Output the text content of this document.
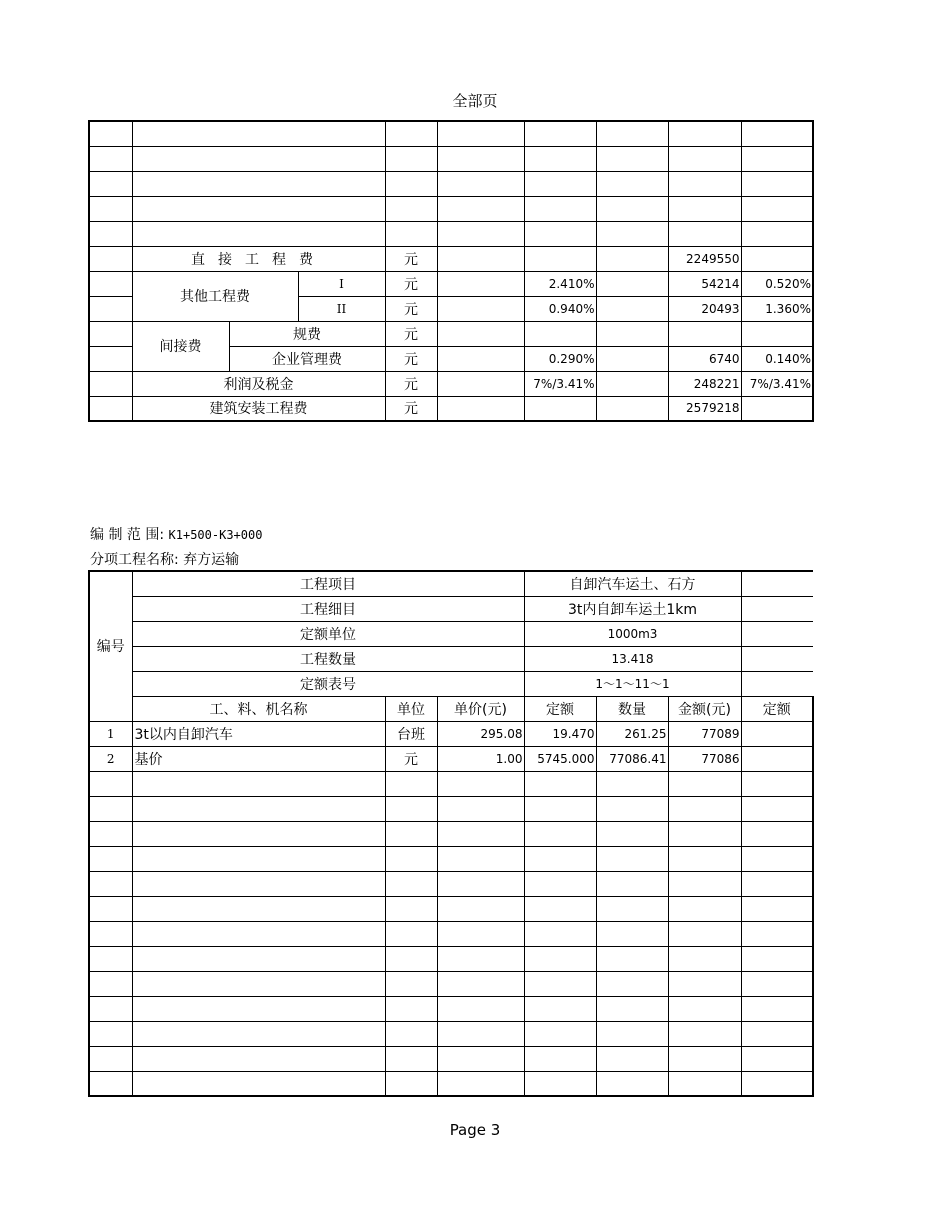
全部页

	直接工程费			元				2249550	
	其他工程费		I	元		2.410%		54214	0.520%
			II	元		0.940%		20493	1.360%
	间接费	规费		元					
		企业管理费		元		0.290%		6740	0.140%
	利润及税金			元		7%/3.41%		248221	7%/3.41%
	建筑安装工程费			元				2579218	
编 制 范 围: K1+500-K3+000
分项工程名称: 弃方运输
编号	工程项目			自卸汽车运土、石方			
	工程细目			3t内自卸车运土1km			
	定额单位			1000m3			
	工程数量			13.418			
	定额表号			1～1～11～1			
	工、料、机名称	单位	单价(元)	定额	数量	金额(元)	定额
1	3t以内自卸汽车	台班	295.08	19.470	261.25	77089	
2	基价	元	1.00	5745.000	77086.41	77086	

Page 3
